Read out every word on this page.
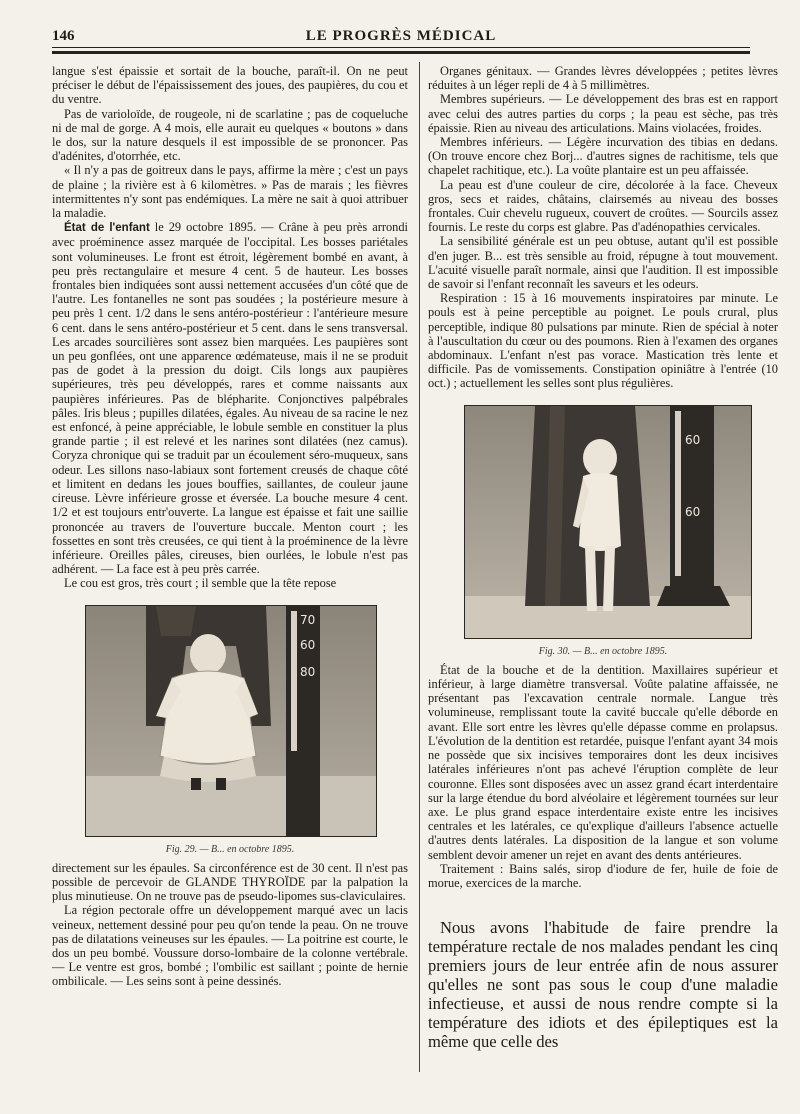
146	LE PROGRÈS MÉDICAL

langue s'est épaissie et sortait de la bouche, paraît-il. On ne peut préciser le début de l'épaississement des joues, des paupières, du cou et du ventre.

Pas de varioloïde, de rougeole, ni de scarlatine ; pas de coqueluche ni de mal de gorge. A 4 mois, elle aurait eu quelques « boutons » dans le dos, sur la nature desquels il est impossible de se prononcer. Pas d'adénites, d'otorrhée, etc.

« Il n'y a pas de goitreux dans le pays, affirme la mère ; c'est un pays de plaine ; la rivière est à 6 kilomètres. » Pas de marais ; les fièvres intermittentes n'y sont pas endémiques. La mère ne sait à quoi attribuer la maladie.

État de l'enfant le 29 octobre 1895. — Crâne à peu près arrondi avec proéminence assez marquée de l'occipital. Les bosses pariétales sont volumineuses. Le front est étroit, légèrement bombé en avant, à peu près rectangulaire et mesure 4 cent. 5 de hauteur. Les bosses frontales bien indiquées sont aussi nettement accusées d'un côté que de l'autre. Les fontanelles ne sont pas soudées ; la postérieure mesure à peu près 1 cent. 1/2 dans le sens antéro-postérieur : l'antérieure mesure 6 cent. dans le sens antéro-postérieur et 5 cent. dans le sens transversal. Les arcades sourcilières sont assez bien marquées. Les paupières sont un peu gonflées, ont une apparence œdémateuse, mais il ne se produit pas de godet à la pression du doigt. Cils longs aux paupières supérieures, très peu développés, rares et comme naissants aux paupières inférieures. Pas de blépharite. Conjonctives palpébrales pâles. Iris bleus ; pupilles dilatées, égales. Au niveau de sa racine le nez est enfoncé, à peine appréciable, le lobule semble en constituer la plus grande partie ; il est relevé et les narines sont dilatées (nez camus). Coryza chronique qui se traduit par un écoulement séro-muqueux, sans odeur. Les sillons naso-labiaux sont fortement creusés de chaque côté et limitent en dedans les joues bouffies, saillantes, de couleur jaune cireuse. Lèvre inférieure grosse et éversée. La bouche mesure 4 cent. 1/2 et est toujours entr'ouverte. La langue est épaisse et fait une saillie prononcée au travers de l'ouverture buccale. Menton court ; les fossettes en sont très creusées, ce qui tient à la proéminence de la lèvre inférieure. Oreilles pâles, cireuses, bien ourlées, le lobule n'est pas adhérent. — La face est à peu près carrée.

Le cou est gros, très court ; il semble que la tête repose

70
60
80
Fig. 29. — B... en octobre 1895.

directement sur les épaules. Sa circonférence est de 30 cent. Il n'est pas possible de percevoir de GLANDE THYROÏDE par la palpation la plus minutieuse. On ne trouve pas de pseudo-lipomes sus-claviculaires.

La région pectorale offre un développement marqué avec un lacis veineux, nettement dessiné pour peu qu'on tende la peau. On ne trouve pas de dilatations veineuses sur les épaules. — La poitrine est courte, le dos un peu bombé. Voussure dorso-lombaire de la colonne vertébrale. — Le ventre est gros, bombé ; l'ombilic est saillant ; pointe de hernie ombilicale. — Les seins sont à peine dessinés.

Organes génitaux. — Grandes lèvres développées ; petites lèvres réduites à un léger repli de 4 à 5 millimètres.

Membres supérieurs. — Le développement des bras est en rapport avec celui des autres parties du corps ; la peau est sèche, pas très épaissie. Rien au niveau des articulations. Mains violacées, froides.

Membres inférieurs. — Légère incurvation des tibias en dedans. (On trouve encore chez Borj... d'autres signes de rachitisme, tels que chapelet rachitique, etc.). La voûte plantaire est un peu affaissée.

La peau est d'une couleur de cire, décolorée à la face. Cheveux gros, secs et raides, châtains, clairsemés au niveau des bosses frontales. Cuir chevelu rugueux, couvert de croûtes. — Sourcils assez fournis. Le reste du corps est glabre. Pas d'adénopathies cervicales.

La sensibilité générale est un peu obtuse, autant qu'il est possible d'en juger. B... est très sensible au froid, répugne à tout mouvement. L'acuité visuelle paraît normale, ainsi que l'audition. Il est impossible de savoir si l'enfant reconnaît les saveurs et les odeurs.

Respiration : 15 à 16 mouvements inspiratoires par minute. Le pouls est à peine perceptible au poignet. Le pouls crural, plus perceptible, indique 80 pulsations par minute. Rien de spécial à noter à l'auscultation du cœur ou des poumons. Rien à l'examen des organes abdominaux. L'enfant n'est pas vorace. Mastication très lente et difficile. Pas de vomissements. Constipation opiniâtre à l'entrée (10 oct.) ; actuellement les selles sont plus régulières.

60
60
Fig. 30. — B... en octobre 1895.

État de la bouche et de la dentition. Maxillaires supérieur et inférieur, à large diamètre transversal. Voûte palatine affaissée, ne présentant pas l'excavation centrale normale. Langue très volumineuse, remplissant toute la cavité buccale qu'elle déborde en avant. Elle sort entre les lèvres qu'elle dépasse comme en prolapsus. L'évolution de la dentition est retardée, puisque l'enfant ayant 34 mois ne possède que six incisives temporaires dont les deux incisives latérales inférieures n'ont pas achevé l'éruption complète de leur couronne. Elles sont disposées avec un assez grand écart interdentaire sur la large étendue du bord alvéolaire et légèrement tournées sur leur axe. Le plus grand espace interdentaire existe entre les incisives centrales et les latérales, ce qu'explique d'ailleurs l'absence actuelle d'autres dents latérales. La disposition de la langue et son volume semblent devoir amener un rejet en avant des dents antérieures.

Traitement : Bains salés, sirop d'iodure de fer, huile de foie de morue, exercices de la marche.

Nous avons l'habitude de faire prendre la température rectale de nos malades pendant les cinq premiers jours de leur entrée afin de nous assurer qu'elles ne sont pas sous le coup d'une maladie infectieuse, et aussi de nous rendre compte si la température des idiots et des épileptiques est la même que celle des
